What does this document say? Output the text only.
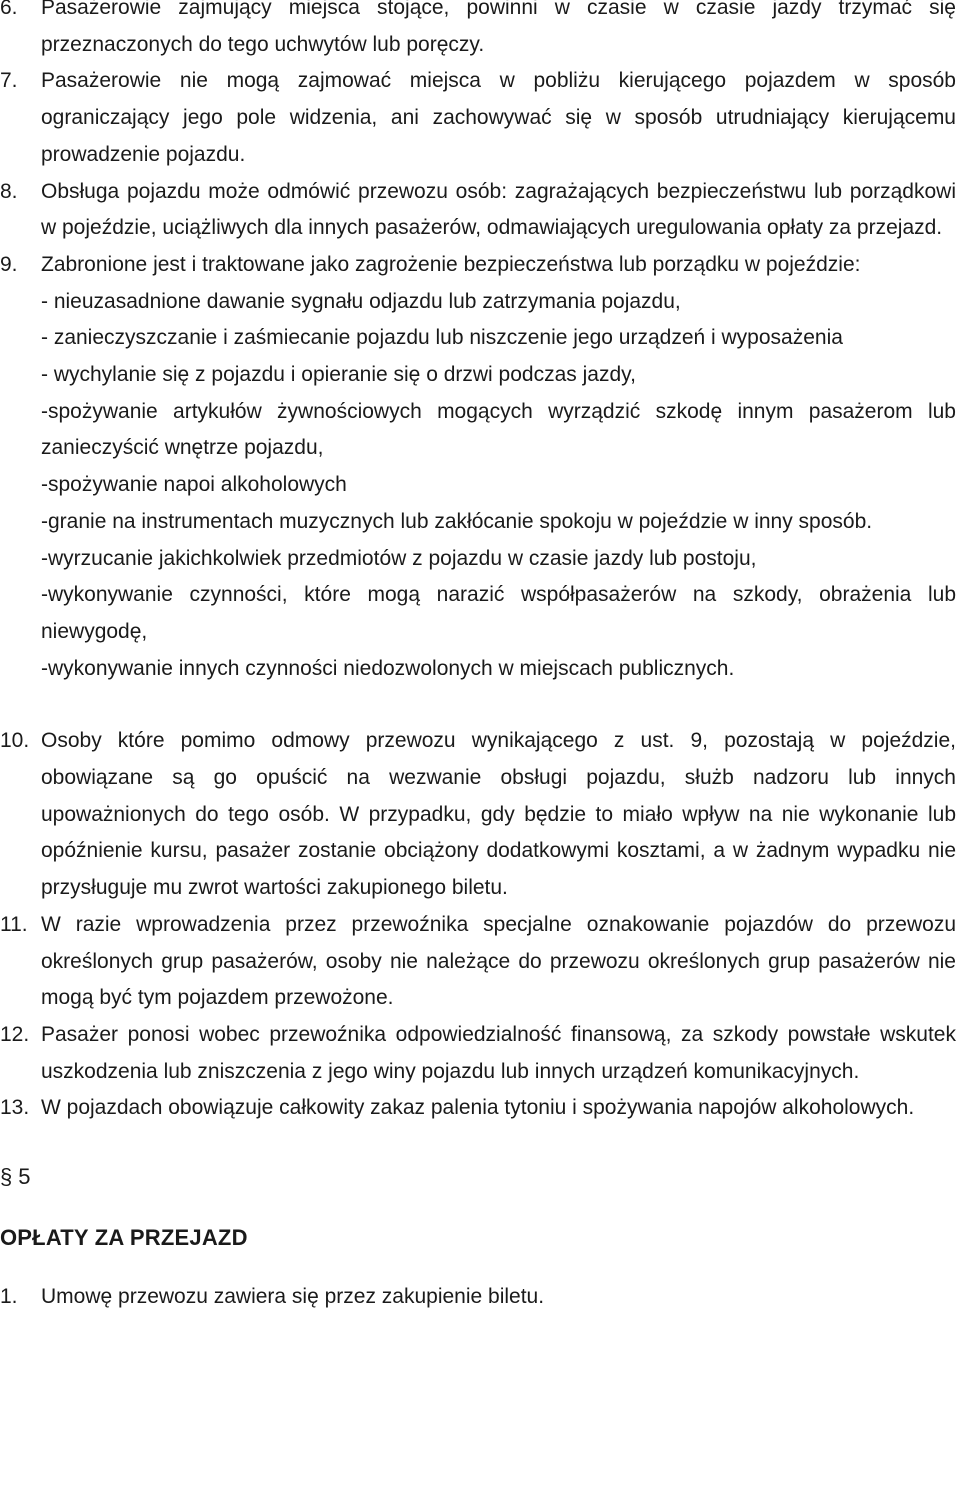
6. Pasażerowie zajmujący miejsca stojące, powinni w czasie w czasie jazdy trzymać się przeznaczonych do tego uchwytów lub poręczy.
7. Pasażerowie nie mogą zajmować miejsca w pobliżu kierującego pojazdem w sposób ograniczający jego pole widzenia, ani zachowywać się w sposób utrudniający kierującemu prowadzenie pojazdu.
8. Obsługa pojazdu może odmówić przewozu osób: zagrażających bezpieczeństwu lub porządkowi w pojeździe, uciążliwych dla innych pasażerów, odmawiających uregulowania opłaty za przejazd.
9. Zabronione jest i traktowane jako zagrożenie bezpieczeństwa lub porządku w pojeździe:
- nieuzasadnione dawanie sygnału odjazdu lub zatrzymania pojazdu,
- zanieczyszczanie i zaśmiecanie pojazdu lub niszczenie jego urządzeń i wyposażenia
- wychylanie się z pojazdu i opieranie się o drzwi podczas jazdy,
-spożywanie artykułów żywnościowych mogących wyrządzić szkodę innym pasażerom lub zanieczyścić wnętrze pojazdu,
-spożywanie napoi alkoholowych
-granie na instrumentach muzycznych lub zakłócanie spokoju w pojeździe w inny sposób.
-wyrzucanie jakichkolwiek przedmiotów z pojazdu w czasie jazdy lub postoju,
-wykonywanie czynności, które mogą narazić współpasażerów na szkody, obrażenia lub niewygodę,
-wykonywanie innych czynności niedozwolonych w miejscach publicznych.
10. Osoby które pomimo odmowy przewozu wynikającego z ust. 9, pozostają w pojeździe, obowiązane są go opuścić na wezwanie obsługi pojazdu, służb nadzoru lub innych upoważnionych do tego osób. W przypadku, gdy będzie to miało wpływ na nie wykonanie lub opóźnienie kursu, pasażer zostanie obciążony dodatkowymi kosztami, a w żadnym wypadku nie przysługuje mu zwrot wartości zakupionego biletu.
11. W razie wprowadzenia przez przewoźnika specjalne oznakowanie pojazdów do przewozu określonych grup pasażerów, osoby nie należące do przewozu określonych grup pasażerów nie mogą być tym pojazdem przewożone.
12. Pasażer ponosi wobec przewoźnika odpowiedzialność finansową, za szkody powstałe wskutek uszkodzenia lub zniszczenia z jego winy pojazdu lub innych urządzeń komunikacyjnych.
13. W pojazdach obowiązuje całkowity zakaz palenia tytoniu i spożywania napojów alkoholowych.
§ 5
OPŁATY ZA PRZEJAZD
1. Umowę przewozu zawiera się przez zakupienie biletu.
